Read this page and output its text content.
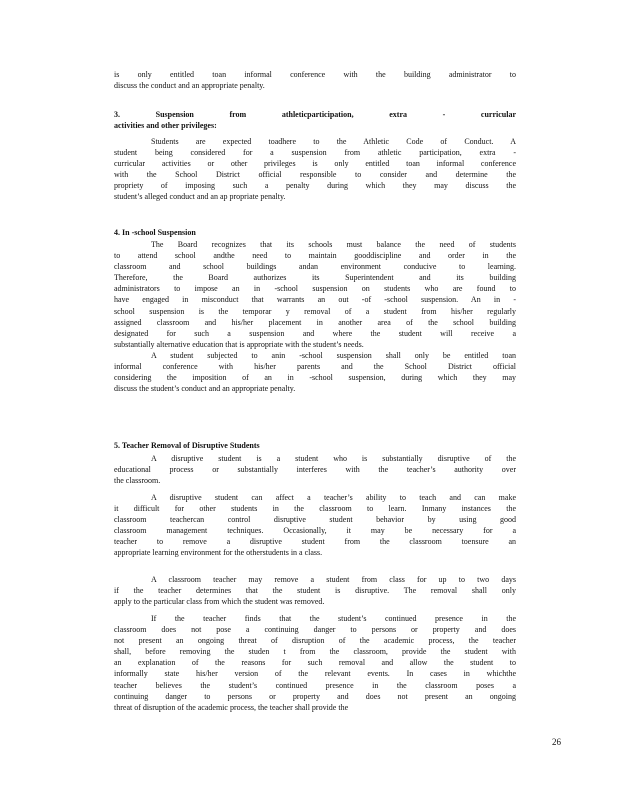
is only entitled toan informal conference with the building administrator to
discuss the conduct and an appropriate penalty.
3. Suspension from athleticparticipation, extra - curricular
activities and other privileges:
Students are expected toadhere to the Athletic Code of Conduct. A
student being considered for a suspension from athletic participation, extra -
curricular activities or other privileges is only entitled toan informal conference
with the School District official responsible to consider and determine the
propriety of imposing such a penalty during which they may discuss the
student’s alleged conduct and an ap propriate penalty.
4. In -school Suspension
The Board recognizes that its schools must balance the need of students
to attend school andthe need to maintain gooddiscipline and order in the
classroom and school buildings andan environment conducive to learning.
Therefore, the Board authorizes its Superintendent and its building
administrators to impose an in -school suspension on students who are found to
have engaged in misconduct that warrants an out -of -school suspension. An in -
school suspension is the temporar y removal of a student from his/her regularly
assigned classroom and his/her placement in another area of the school building
designated for such a suspension and where the student will receive a
substantially alternative education that is appropriate with the student’s needs.
A student subjected to anin -school suspension shall only be entitled toan
informal conference with his/her parents and the School District official
considering the imposition of an in -school suspension, during which they may
discuss the student’s conduct and an appropriate penalty.
5. Teacher Removal of Disruptive Students
A disruptive student is a student who is substantially disruptive of the
educational process or substantially interferes with the teacher’s authority over
the classroom.
A disruptive student can affect a teacher’s ability to teach and can make
it difficult for other students in the classroom to learn. Inmany instances the
classroom teachercan control disruptive student behavior by using good
classroom management techniques. Occasionally, it may be necessary for a
teacher to remove a disruptive student from the classroom toensure an
appropriate learning environment for the otherstudents in a class.
A classroom teacher may remove a student from class for up to two days
if the teacher determines that the student is disruptive. The removal shall only
apply to the particular class from which the student was removed.
If the teacher finds that the student’s continued presence in the
classroom does not pose a continuing danger to persons or property and does
not present an ongoing threat of disruption of the academic process, the teacher
shall, before removing the studen t from the classroom, provide the student with
an explanation of the reasons for such removal and allow the student to
informally state his/her version of the relevant events. In cases in whichthe
teacher believes the student’s continued presence in the classroom poses a
continuing danger to persons or property and does not present an ongoing
threat of disruption of the academic process, the teacher shall provide the
26
